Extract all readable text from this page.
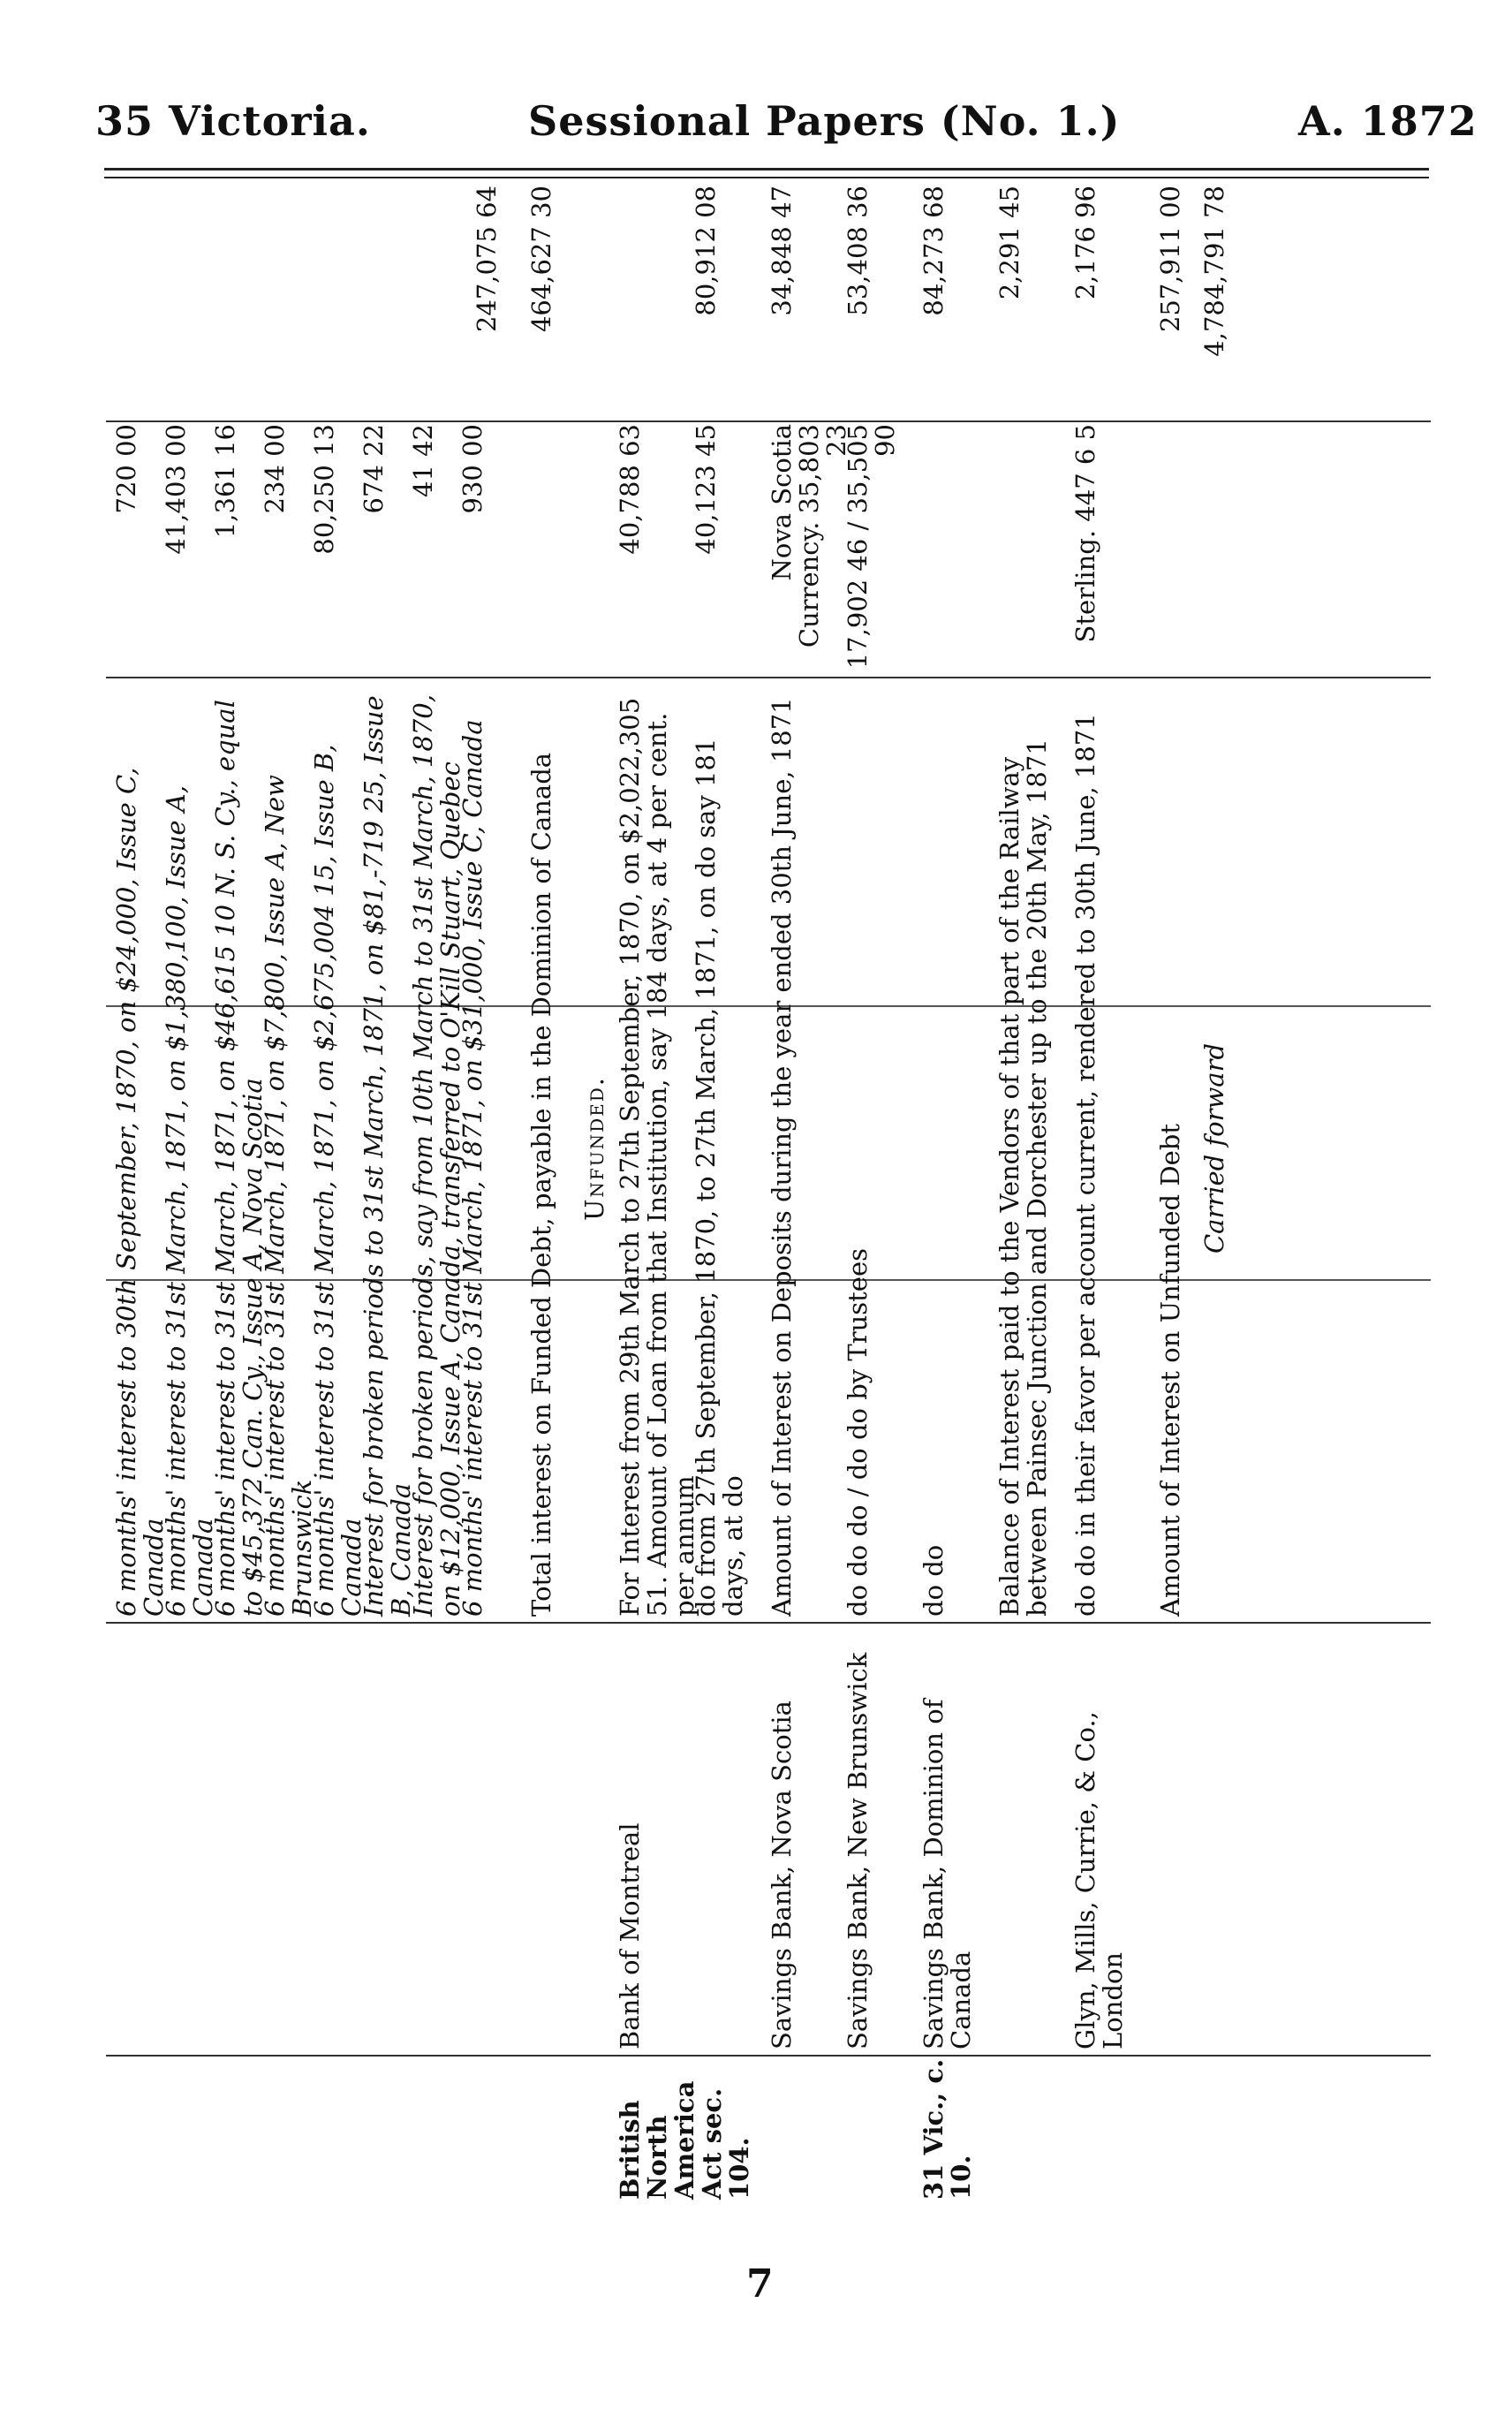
35 Victoria.	Sessional Papers (No. 1.)	A. 1872
6 months' interest to 30th September, 1870, on $24,000, Issue C, Canada
720 00
6 months' interest to 31st March, 1871, on $1,380,100, Issue A, Canada
41,403 00
6 months' interest to 31st March, 1871, on $46,615 10 N. S. Cy., equal to $45,372 Can. Cy., Issue A, Nova Scotia
1,361 16
6 months' interest to 31st March, 1871, on $7,800, Issue A, New Brunswick
234 00
6 months' interest to 31st March, 1871, on $2,675,004 15, Issue B, Canada
80,250 13
Interest for broken periods to 31st March, 1871, on $81,-719 25, Issue B, Canada
674 22
Interest for broken periods, say from 10th March to 31st March, 1870, on $12,000, Issue A, Canada, transferred to O'Kill Stuart, Quebec
41 42
6 months' interest to 31st March, 1871, on $31,000, Issue C, Canada
930 00
247,075 64
Total interest on Funded Debt, payable in the Dominion of Canada
464,627 30
Unfunded.
British North America Act sec. 104.
Bank of Montreal
For Interest from 29th March to 27th September, 1870, on $2,022,305 51. Amount of Loan from that Institution, say 184 days, at 4 per cent. per annum
40,788 63
do from 27th September, 1870, to 27th March, 1871, on do say 181 days, at do
40,123 45
80,912 08
Savings Bank, Nova Scotia
Amount of Interest on Deposits during the year ended 30th June, 1871
Nova Scotia Currency. 35,803 23
34,848 47
Savings Bank, New Brunswick
do do do / do do by Trustees
17,902 46 / 35,505 90
53,408 36
31 Vic., c. 10.
Savings Bank, Dominion of Canada
do do
84,273 68
Balance of Interest paid to the Vendors of that part of the Railway between Painsec Junction and Dorchester up to the 20th May, 1871
2,291 45
Glyn, Mills, Currie, & Co., London
do do in their favor per account current, rendered to 30th June, 1871
Sterling. 447 6 5
2,176 96
Amount of Interest on Unfunded Debt
257,911 00
Carried forward
4,784,791 78
7
